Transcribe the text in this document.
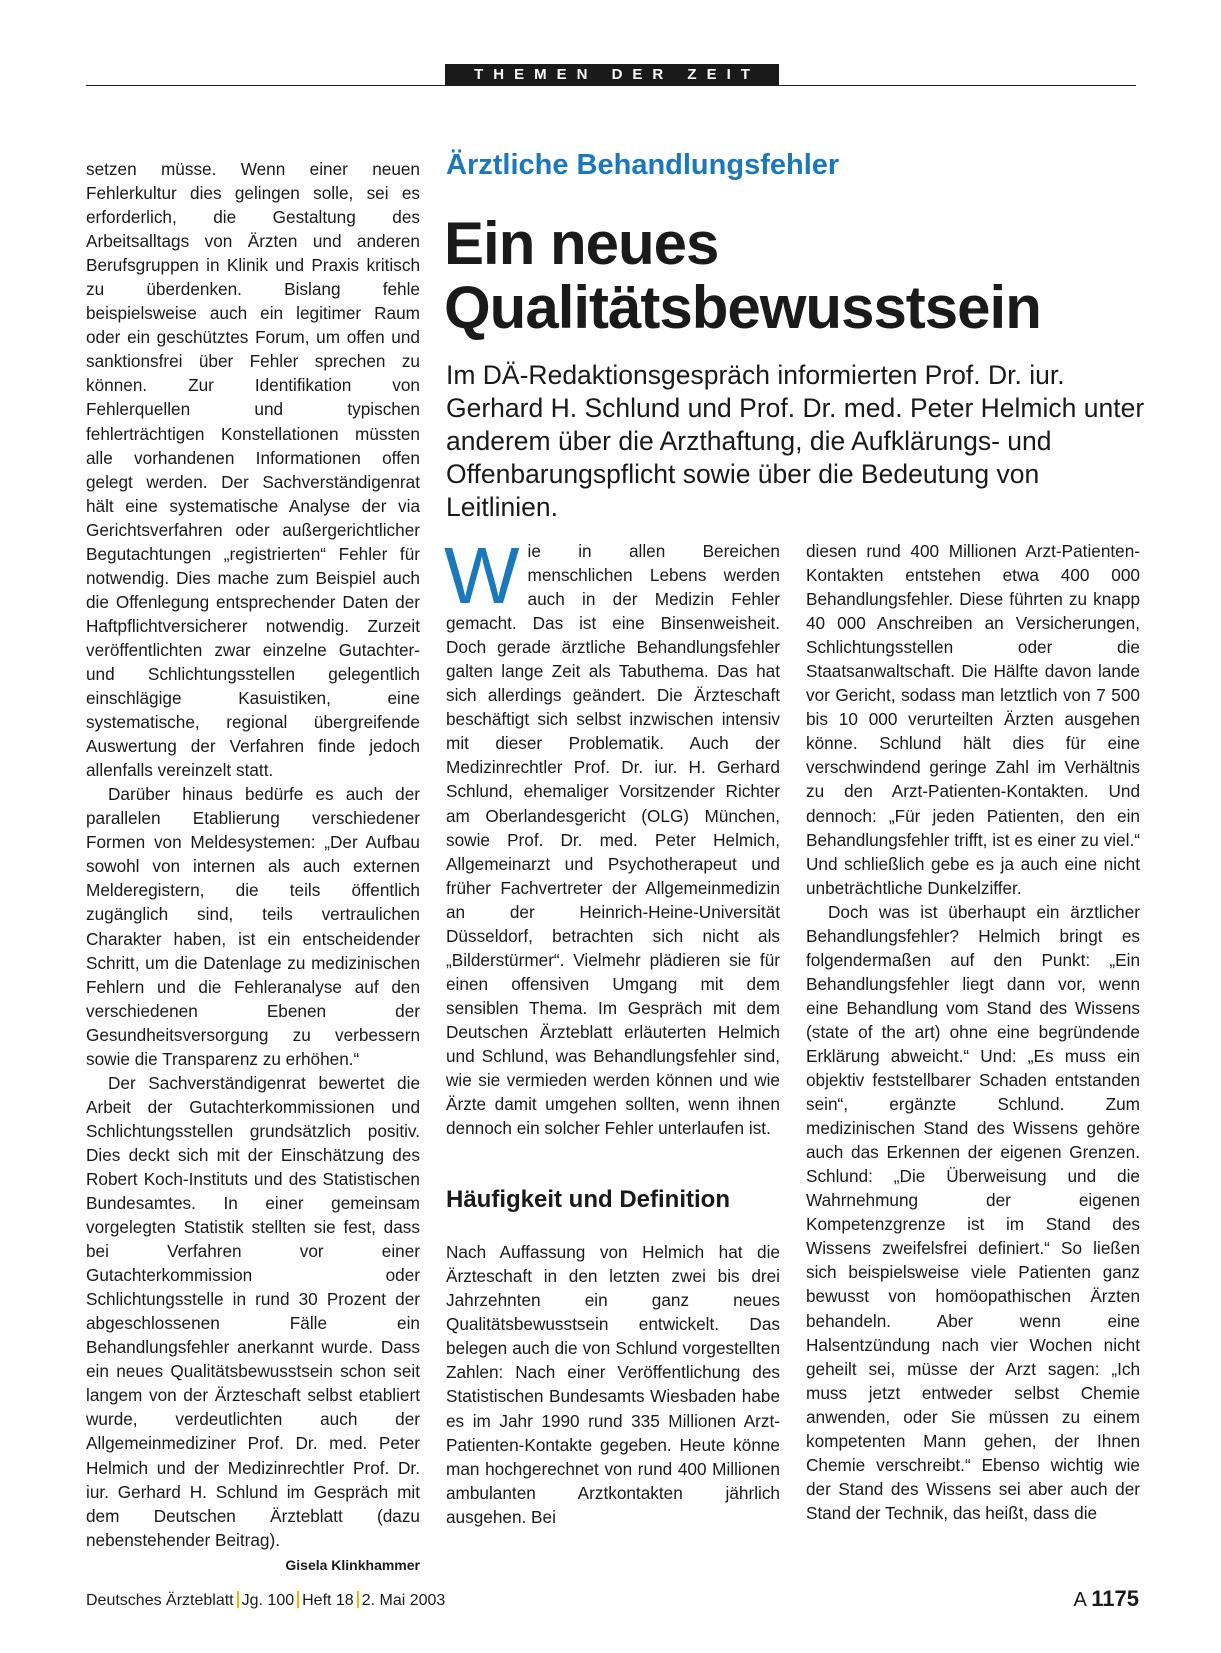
THEMEN DER ZEIT
Ärztliche Behandlungsfehler
Ein neues
Qualitätsbewusstsein
Im DÄ-Redaktionsgespräch informierten Prof. Dr. iur. Gerhard H. Schlund und Prof. Dr. med. Peter Helmich unter anderem über die Arzthaftung, die Aufklärungs- und Offenbarungspflicht sowie über die Bedeutung von Leitlinien.

setzen müsse. Wenn einer neuen Fehlerkultur dies gelingen solle, sei es erforderlich, die Gestaltung des Arbeitsalltags von Ärzten und anderen Berufsgruppen in Klinik und Praxis kritisch zu überdenken. Bislang fehle beispielsweise auch ein legitimer Raum oder ein geschütztes Forum, um offen und sanktionsfrei über Fehler sprechen zu können. Zur Identifikation von Fehlerquellen und typischen fehlerträchtigen Konstellationen müssten alle vorhandenen Informationen offen gelegt werden. Der Sachverständigenrat hält eine systematische Analyse der via Gerichtsverfahren oder außergerichtlicher Begutachtungen „registrierten“ Fehler für notwendig. Dies mache zum Beispiel auch die Offenlegung entsprechender Daten der Haftpflichtversicherer notwendig. Zurzeit veröffentlichten zwar einzelne Gutachter- und Schlichtungsstellen gelegentlich einschlägige Kasuistiken, eine systematische, regional übergreifende Auswertung der Verfahren finde jedoch allenfalls vereinzelt statt.

Darüber hinaus bedürfe es auch der parallelen Etablierung verschiedener Formen von Meldesystemen: „Der Aufbau sowohl von internen als auch externen Melderegistern, die teils öffentlich zugänglich sind, teils vertraulichen Charakter haben, ist ein entscheidender Schritt, um die Datenlage zu medizinischen Fehlern und die Fehleranalyse auf den verschiedenen Ebenen der Gesundheitsversorgung zu verbessern sowie die Transparenz zu erhöhen.“

Der Sachverständigenrat bewertet die Arbeit der Gutachterkommissionen und Schlichtungsstellen grundsätzlich positiv. Dies deckt sich mit der Einschätzung des Robert Koch-Instituts und des Statistischen Bundesamtes. In einer gemeinsam vorgelegten Statistik stellten sie fest, dass bei Verfahren vor einer Gutachterkommission oder Schlichtungsstelle in rund 30 Prozent der abgeschlossenen Fälle ein Behandlungsfehler anerkannt wurde. Dass ein neues Qualitätsbewusstsein schon seit langem von der Ärzteschaft selbst etabliert wurde, verdeutlichten auch der Allgemeinmediziner Prof. Dr. med. Peter Helmich und der Medizinrechtler Prof. Dr. iur. Gerhard H. Schlund im Gespräch mit dem Deutschen Ärzteblatt (dazu nebenstehender Beitrag).
Gisela Klinkhammer

Wie in allen Bereichen menschlichen Lebens werden auch in der Medizin Fehler gemacht. Das ist eine Binsenweisheit. Doch gerade ärztliche Behandlungsfehler galten lange Zeit als Tabuthema. Das hat sich allerdings geändert. Die Ärzteschaft beschäftigt sich selbst inzwischen intensiv mit dieser Problematik. Auch der Medizinrechtler Prof. Dr. iur. H. Gerhard Schlund, ehemaliger Vorsitzender Richter am Oberlandesgericht (OLG) München, sowie Prof. Dr. med. Peter Helmich, Allgemeinarzt und Psychotherapeut und früher Fachvertreter der Allgemeinmedizin an der Heinrich-Heine-Universität Düsseldorf, betrachten sich nicht als „Bilderstürmer“. Vielmehr plädieren sie für einen offensiven Umgang mit dem sensiblen Thema. Im Gespräch mit dem Deutschen Ärzteblatt erläuterten Helmich und Schlund, was Behandlungsfehler sind, wie sie vermieden werden können und wie Ärzte damit umgehen sollten, wenn ihnen dennoch ein solcher Fehler unterlaufen ist.

Häufigkeit und Definition

Nach Auffassung von Helmich hat die Ärzteschaft in den letzten zwei bis drei Jahrzehnten ein ganz neues Qualitätsbewusstsein entwickelt. Das belegen auch die von Schlund vorgestellten Zahlen: Nach einer Veröffentlichung des Statistischen Bundesamts Wiesbaden habe es im Jahr 1990 rund 335 Millionen Arzt-Patienten-Kontakte gegeben. Heute könne man hochgerechnet von rund 400 Millionen ambulanten Arztkontakten jährlich ausgehen. Bei

diesen rund 400 Millionen Arzt-Patienten-Kontakten entstehen etwa 400 000 Behandlungsfehler. Diese führten zu knapp 40 000 Anschreiben an Versicherungen, Schlichtungsstellen oder die Staatsanwaltschaft. Die Hälfte davon lande vor Gericht, sodass man letztlich von 7 500 bis 10 000 verurteilten Ärzten ausgehen könne. Schlund hält dies für eine verschwindend geringe Zahl im Verhältnis zu den Arzt-Patienten-Kontakten. Und dennoch: „Für jeden Patienten, den ein Behandlungsfehler trifft, ist es einer zu viel.“ Und schließlich gebe es ja auch eine nicht unbeträchtliche Dunkelziffer.

Doch was ist überhaupt ein ärztlicher Behandlungsfehler? Helmich bringt es folgendermaßen auf den Punkt: „Ein Behandlungsfehler liegt dann vor, wenn eine Behandlung vom Stand des Wissens (state of the art) ohne eine begründende Erklärung abweicht.“ Und: „Es muss ein objektiv feststellbarer Schaden entstanden sein“, ergänzte Schlund. Zum medizinischen Stand des Wissens gehöre auch das Erkennen der eigenen Grenzen. Schlund: „Die Überweisung und die Wahrnehmung der eigenen Kompetenzgrenze ist im Stand des Wissens zweifelsfrei definiert.“ So ließen sich beispielsweise viele Patienten ganz bewusst von homöopathischen Ärzten behandeln. Aber wenn eine Halsentzündung nach vier Wochen nicht geheilt sei, müsse der Arzt sagen: „Ich muss jetzt entweder selbst Chemie anwenden, oder Sie müssen zu einem kompetenten Mann gehen, der Ihnen Chemie verschreibt.“ Ebenso wichtig wie der Stand des Wissens sei aber auch der Stand der Technik, das heißt, dass die

Deutsches Ärzteblatt Jg. 100 Heft 18 2. Mai 2003	A 1175
